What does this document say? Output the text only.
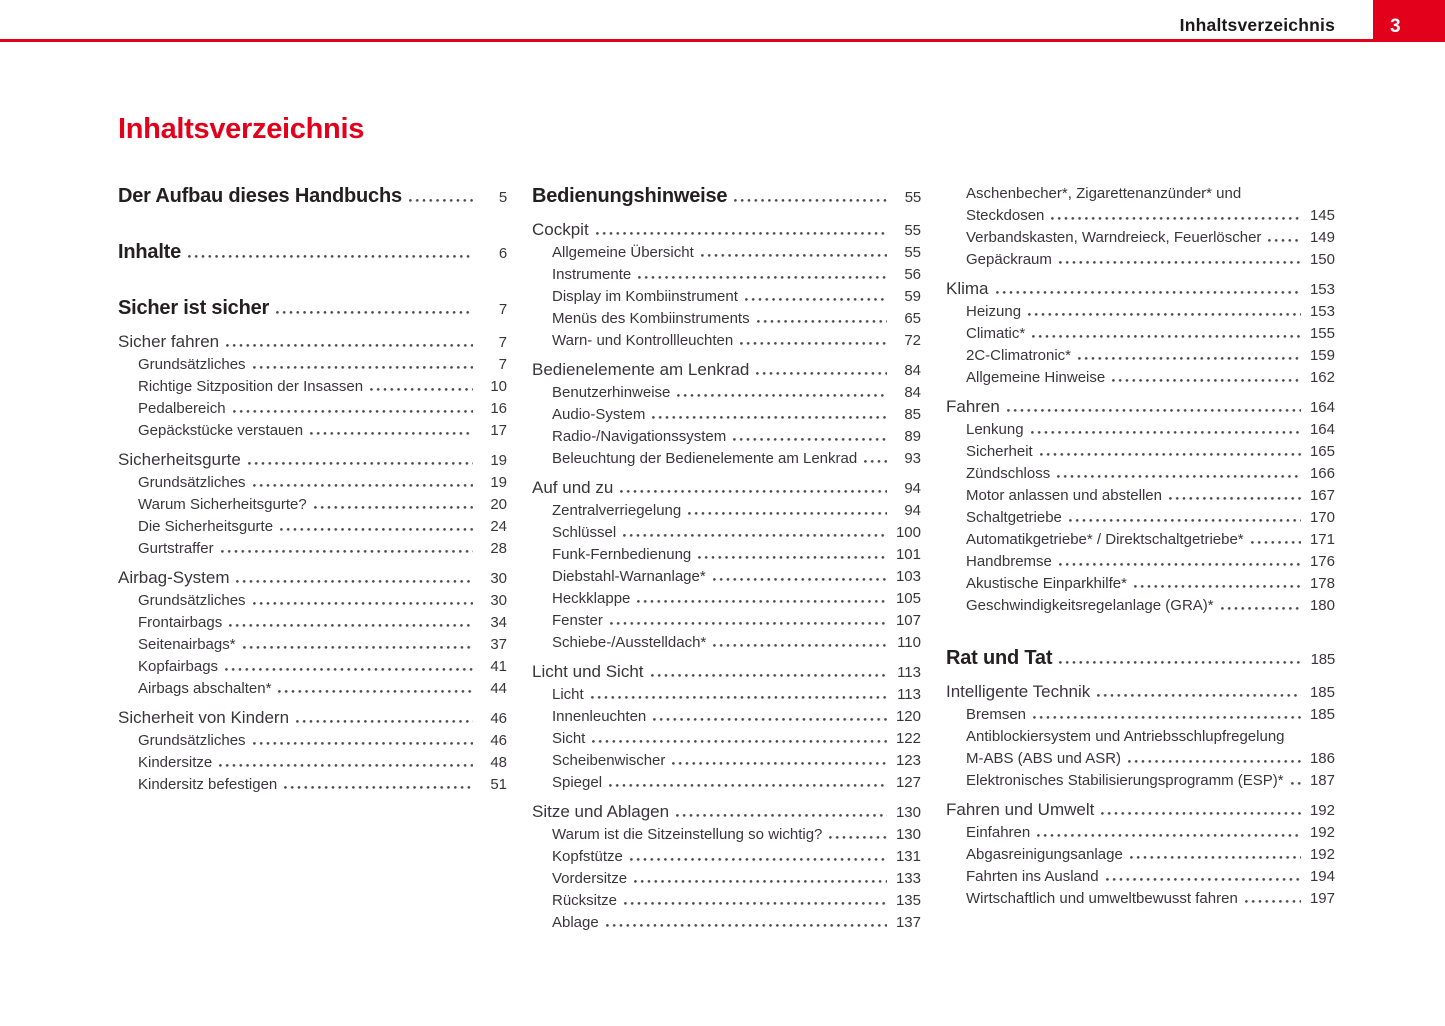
Inhaltsverzeichnis	3
Inhaltsverzeichnis
Der Aufbau dieses Handbuchs	5
Inhalte	6
Sicher ist sicher	7
Sicher fahren	7
Grundsätzliches	7
Richtige Sitzposition der Insassen	10
Pedalbereich	16
Gepäckstücke verstauen	17
Sicherheitsgurte	19
Grundsätzliches	19
Warum Sicherheitsgurte?	20
Die Sicherheitsgurte	24
Gurtstraffer	28
Airbag-System	30
Grundsätzliches	30
Frontairbags	34
Seitenairbags*	37
Kopfairbags	41
Airbags abschalten*	44
Sicherheit von Kindern	46
Grundsätzliches	46
Kindersitze	48
Kindersitz befestigen	51
Bedienungshinweise	55
Cockpit	55
Allgemeine Übersicht	55
Instrumente	56
Display im Kombiinstrument	59
Menüs des Kombiinstruments	65
Warn- und Kontrollleuchten	72
Bedienelemente am Lenkrad	84
Benutzerhinweise	84
Audio-System	85
Radio-/Navigationssystem	89
Beleuchtung der Bedienelemente am Lenkrad	93
Auf und zu	94
Zentralverriegelung	94
Schlüssel	100
Funk-Fernbedienung	101
Diebstahl-Warnanlage*	103
Heckklappe	105
Fenster	107
Schiebe-/Ausstelldach*	110
Licht und Sicht	113
Licht	113
Innenleuchten	120
Sicht	122
Scheibenwischer	123
Spiegel	127
Sitze und Ablagen	130
Warum ist die Sitzeinstellung so wichtig?	130
Kopfstütze	131
Vordersitze	133
Rücksitze	135
Ablage	137
Aschenbecher*, Zigarettenanzünder* und
Steckdosen	145
Verbandskasten, Warndreieck, Feuerlöscher	149
Gepäckraum	150
Klima	153
Heizung	153
Climatic*	155
2C-Climatronic*	159
Allgemeine Hinweise	162
Fahren	164
Lenkung	164
Sicherheit	165
Zündschloss	166
Motor anlassen und abstellen	167
Schaltgetriebe	170
Automatikgetriebe* / Direktschaltgetriebe*	171
Handbremse	176
Akustische Einparkhilfe*	178
Geschwindigkeitsregelanlage (GRA)*	180
Rat und Tat	185
Intelligente Technik	185
Bremsen	185
Antiblockiersystem und Antriebsschlupfregelung
M-ABS (ABS und ASR)	186
Elektronisches Stabilisierungsprogramm (ESP)*	187
Fahren und Umwelt	192
Einfahren	192
Abgasreinigungsanlage	192
Fahrten ins Ausland	194
Wirtschaftlich und umweltbewusst fahren	197
